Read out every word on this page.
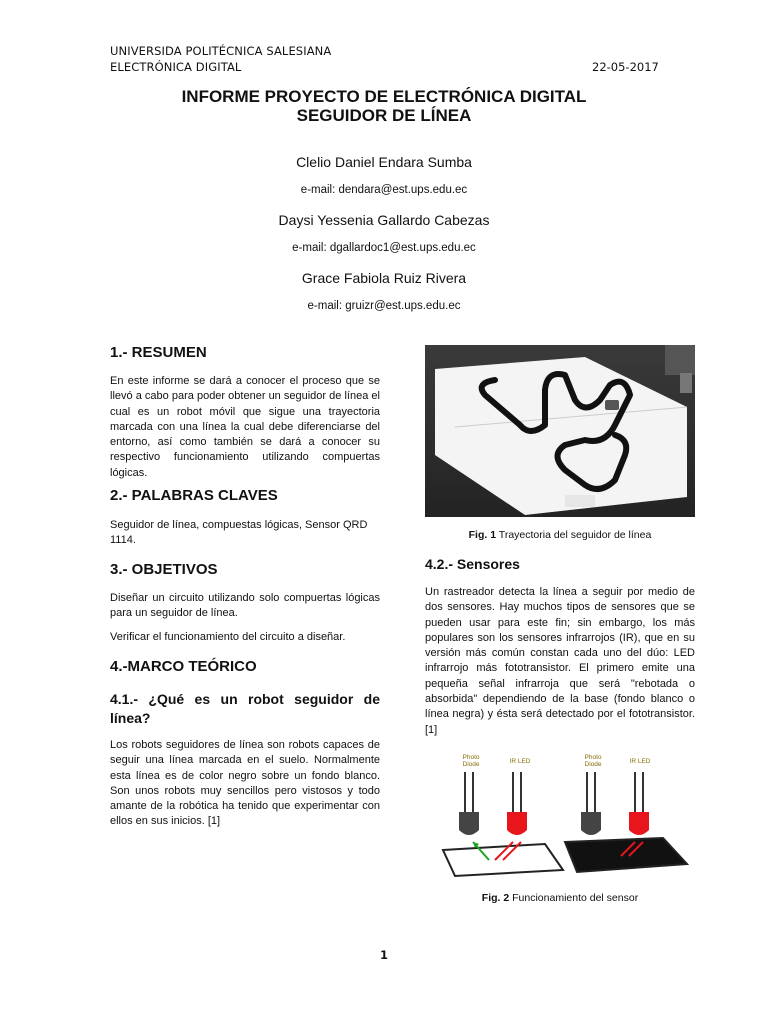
UNIVERSIDA POLITÉCNICA SALESIANA
ELECTRÓNICA DIGITAL	22-05-2017
INFORME PROYECTO DE ELECTRÓNICA DIGITAL
SEGUIDOR DE LÍNEA
Clelio Daniel Endara Sumba
e-mail: dendara@est.ups.edu.ec
Daysi Yessenia Gallardo Cabezas
e-mail: dgallardoc1@est.ups.edu.ec
Grace Fabiola Ruiz Rivera
e-mail: gruizr@est.ups.edu.ec
1.- RESUMEN
En este informe se dará a conocer el proceso que se llevó a cabo para poder obtener un seguidor de línea el cual es un robot móvil que sigue una trayectoria marcada con una línea la cual debe diferenciarse del entorno, así como también se dará a conocer su respectivo funcionamiento utilizando compuertas lógicas.
2.- PALABRAS CLAVES
Seguidor de línea, compuestas lógicas, Sensor QRD 1114.
3.- OBJETIVOS
Diseñar un circuito utilizando solo compuertas lógicas para un seguidor de línea.
Verificar el funcionamiento del circuito a diseñar.
4.-MARCO TEÓRICO
4.1.- ¿Qué es un robot seguidor de línea?
Los robots seguidores de línea son robots capaces de seguir una línea marcada en el suelo. Normalmente esta línea es de color negro sobre un fondo blanco. Son unos robots muy sencillos pero vistosos y todo amante de la robótica ha tenido que experimentar con ellos en sus inicios. [1]
Fig. 1 Trayectoria del seguidor de línea
4.2.- Sensores
Un rastreador detecta la línea a seguir por medio de dos sensores. Hay muchos tipos de sensores que se pueden usar para este fin; sin embargo, los más populares son los sensores infrarrojos (IR), que en su versión más común constan cada uno del dúo: LED infrarrojo más fototransistor. El primero emite una pequeña señal infrarroja que será "rebotada o absorbida" dependiendo de la base (fondo blanco o línea negra) y ésta será detectado por el fototransistor. [1]
Photo Diode	IR LED
Photo Diode	IR LED
Fig. 2 Funcionamiento del sensor
1
